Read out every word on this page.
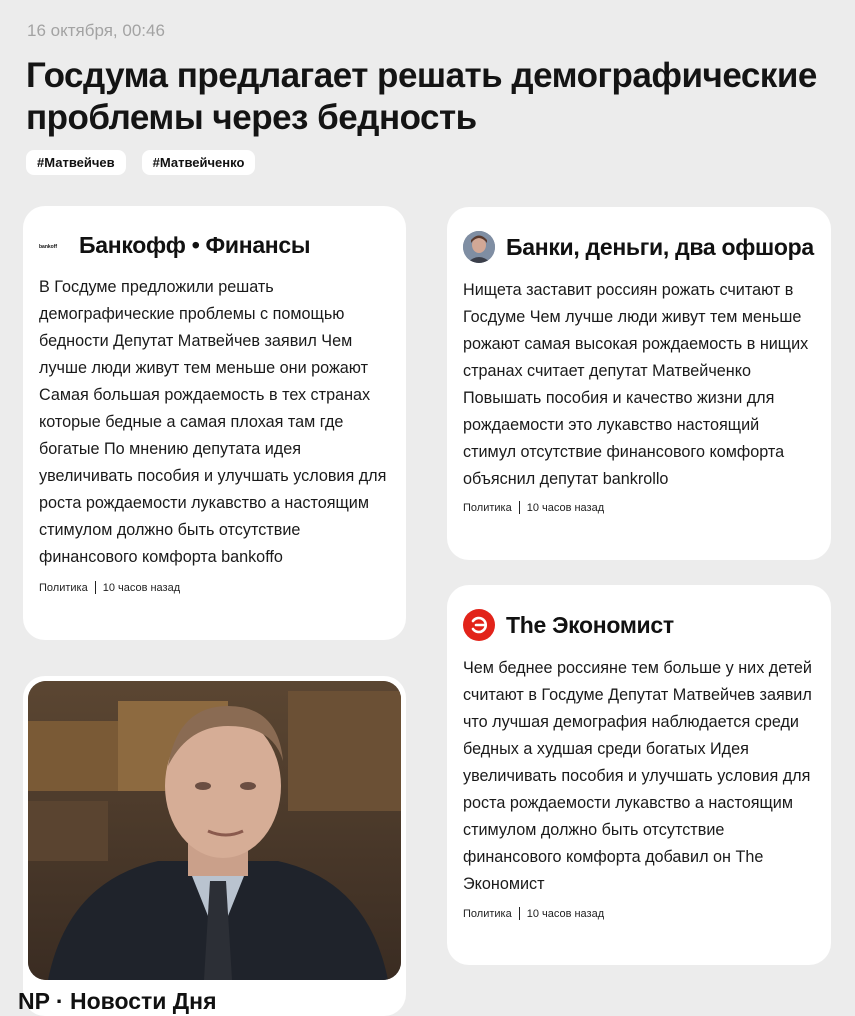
16 октября, 00:46
Госдума предлагает решать демографические проблемы через бедность
#Матвейчев	#Матвейченко
bankoff Банкофф • Финансы

В Госдуме предложили решать демографические проблемы с помощью бедности Депутат Матвейчев заявил Чем лучше люди живут тем меньше они рожают Самая большая рождаемость в тех странах которые бедные а самая плохая там где богатые По мнению депутата идея увеличивать пособия и улучшать условия для роста рождаемости лукавство а настоящим стимулом должно быть отсутствие финансового комфорта bankoffo

Политика 10 часов назад
Банки, деньги, два офшора

Нищета заставит россиян рожать считают в Госдуме Чем лучше люди живут тем меньше рожают самая высокая рождаемость в нищих странах считает депутат Матвейченко Повышать пособия и качество жизни для рождаемости это лукавство настоящий стимул отсутствие финансового комфорта объяснил депутат bankrollo

Политика 10 часов назад
The Экономист

Чем беднее россияне тем больше у них детей считают в Госдуме Депутат Матвейчев заявил что лучшая демография наблюдается среди бедных а худшая среди богатых Идея увеличивать пособия и улучшать условия для роста рождаемости лукавство а настоящим стимулом должно быть отсутствие финансового комфорта добавил он The Экономист

Политика 10 часов назад
NP · Новости Дня
